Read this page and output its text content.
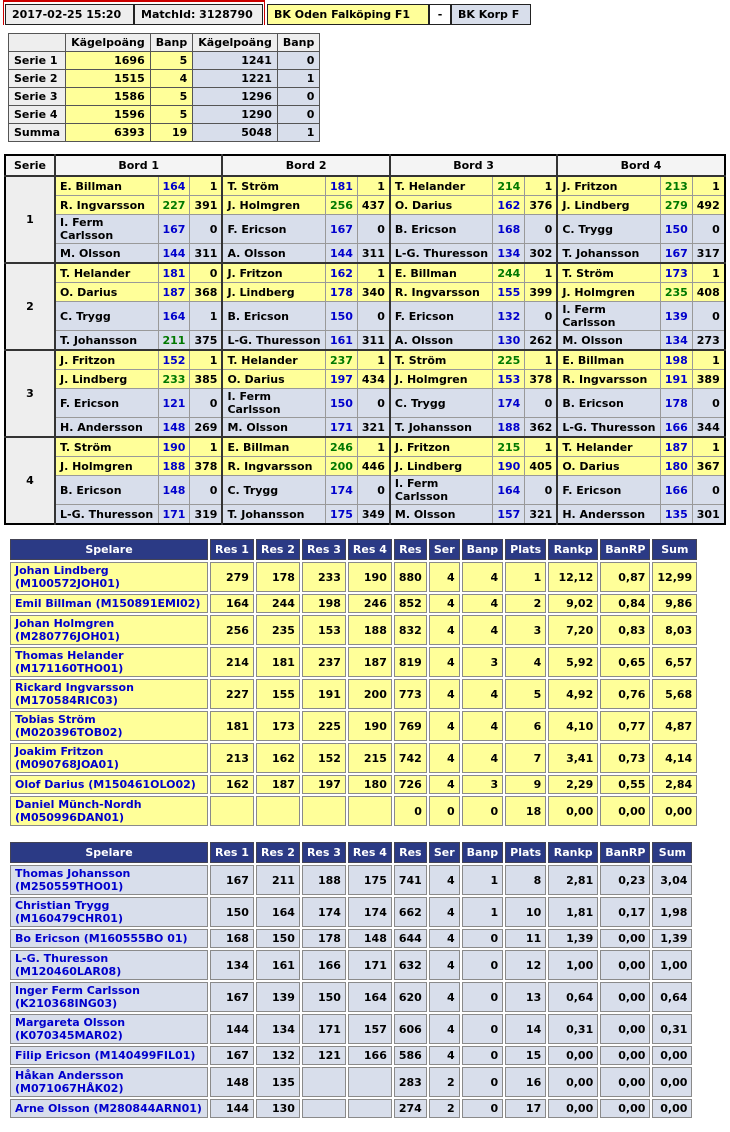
2017-02-25 15:20	MatchId: 3128790	BK Oden Falköping F1	-	BK Korp F
	Kägelpoäng	Banp	Kägelpoäng	Banp
Serie 1	1696	5	1241	0
Serie 2	1515	4	1221	1
Serie 3	1586	5	1296	0
Serie 4	1596	5	1290	0
Summa	6393	19	5048	1
Serie	Bord 1			Bord 2			Bord 3			Bord 4		
1	E. Billman	164	1	T. Ström	181	1	T. Helander	214	1	J. Fritzon	213	1
	R. Ingvarsson	227	391	J. Holmgren	256	437	O. Darius	162	376	J. Lindberg	279	492
	I. Ferm Carlsson	167	0	F. Ericson	167	0	B. Ericson	168	0	C. Trygg	150	0
	M. Olsson	144	311	A. Olsson	144	311	L-G. Thuresson	134	302	T. Johansson	167	317
2	T. Helander	181	0	J. Fritzon	162	1	E. Billman	244	1	T. Ström	173	1
	O. Darius	187	368	J. Lindberg	178	340	R. Ingvarsson	155	399	J. Holmgren	235	408
	C. Trygg	164	1	B. Ericson	150	0	F. Ericson	132	0	I. Ferm Carlsson	139	0
	T. Johansson	211	375	L-G. Thuresson	161	311	A. Olsson	130	262	M. Olsson	134	273
3	J. Fritzon	152	1	T. Helander	237	1	T. Ström	225	1	E. Billman	198	1
	J. Lindberg	233	385	O. Darius	197	434	J. Holmgren	153	378	R. Ingvarsson	191	389
	F. Ericson	121	0	I. Ferm Carlsson	150	0	C. Trygg	174	0	B. Ericson	178	0
	H. Andersson	148	269	M. Olsson	171	321	T. Johansson	188	362	L-G. Thuresson	166	344
4	T. Ström	190	1	E. Billman	246	1	J. Fritzon	215	1	T. Helander	187	1
	J. Holmgren	188	378	R. Ingvarsson	200	446	J. Lindberg	190	405	O. Darius	180	367
	B. Ericson	148	0	C. Trygg	174	0	I. Ferm Carlsson	164	0	F. Ericson	166	0
	L-G. Thuresson	171	319	T. Johansson	175	349	M. Olsson	157	321	H. Andersson	135	301
Spelare	Res 1	Res 2	Res 3	Res 4	Res	Ser	Banp	Plats	Rankp	BanRP	Sum
Johan Lindberg (M100572JOH01)	279	178	233	190	880	4	4	1	12,12	0,87	12,99
Emil Billman (M150891EMI02)	164	244	198	246	852	4	4	2	9,02	0,84	9,86
Johan Holmgren (M280776JOH01)	256	235	153	188	832	4	4	3	7,20	0,83	8,03
Thomas Helander (M171160THO01)	214	181	237	187	819	4	3	4	5,92	0,65	6,57
Rickard Ingvarsson (M170584RIC03)	227	155	191	200	773	4	4	5	4,92	0,76	5,68
Tobias Ström (M020396TOB02)	181	173	225	190	769	4	4	6	4,10	0,77	4,87
Joakim Fritzon (M090768JOA01)	213	162	152	215	742	4	4	7	3,41	0,73	4,14
Olof Darius (M150461OLO02)	162	187	197	180	726	4	3	9	2,29	0,55	2,84
Daniel Münch-Nordh (M050996DAN01)					0	0	0	18	0,00	0,00	0,00
Spelare	Res 1	Res 2	Res 3	Res 4	Res	Ser	Banp	Plats	Rankp	BanRP	Sum
Thomas Johansson (M250559THO01)	167	211	188	175	741	4	1	8	2,81	0,23	3,04
Christian Trygg (M160479CHR01)	150	164	174	174	662	4	1	10	1,81	0,17	1,98
Bo Ericson (M160555BO 01)	168	150	178	148	644	4	0	11	1,39	0,00	1,39
L-G. Thuresson (M120460LAR08)	134	161	166	171	632	4	0	12	1,00	0,00	1,00
Inger Ferm Carlsson (K210368ING03)	167	139	150	164	620	4	0	13	0,64	0,00	0,64
Margareta Olsson (K070345MAR02)	144	134	171	157	606	4	0	14	0,31	0,00	0,31
Filip Ericson (M140499FIL01)	167	132	121	166	586	4	0	15	0,00	0,00	0,00
Håkan Andersson (M071067HÅK02)	148	135			283	2	0	16	0,00	0,00	0,00
Arne Olsson (M280844ARN01)	144	130			274	2	0	17	0,00	0,00	0,00
